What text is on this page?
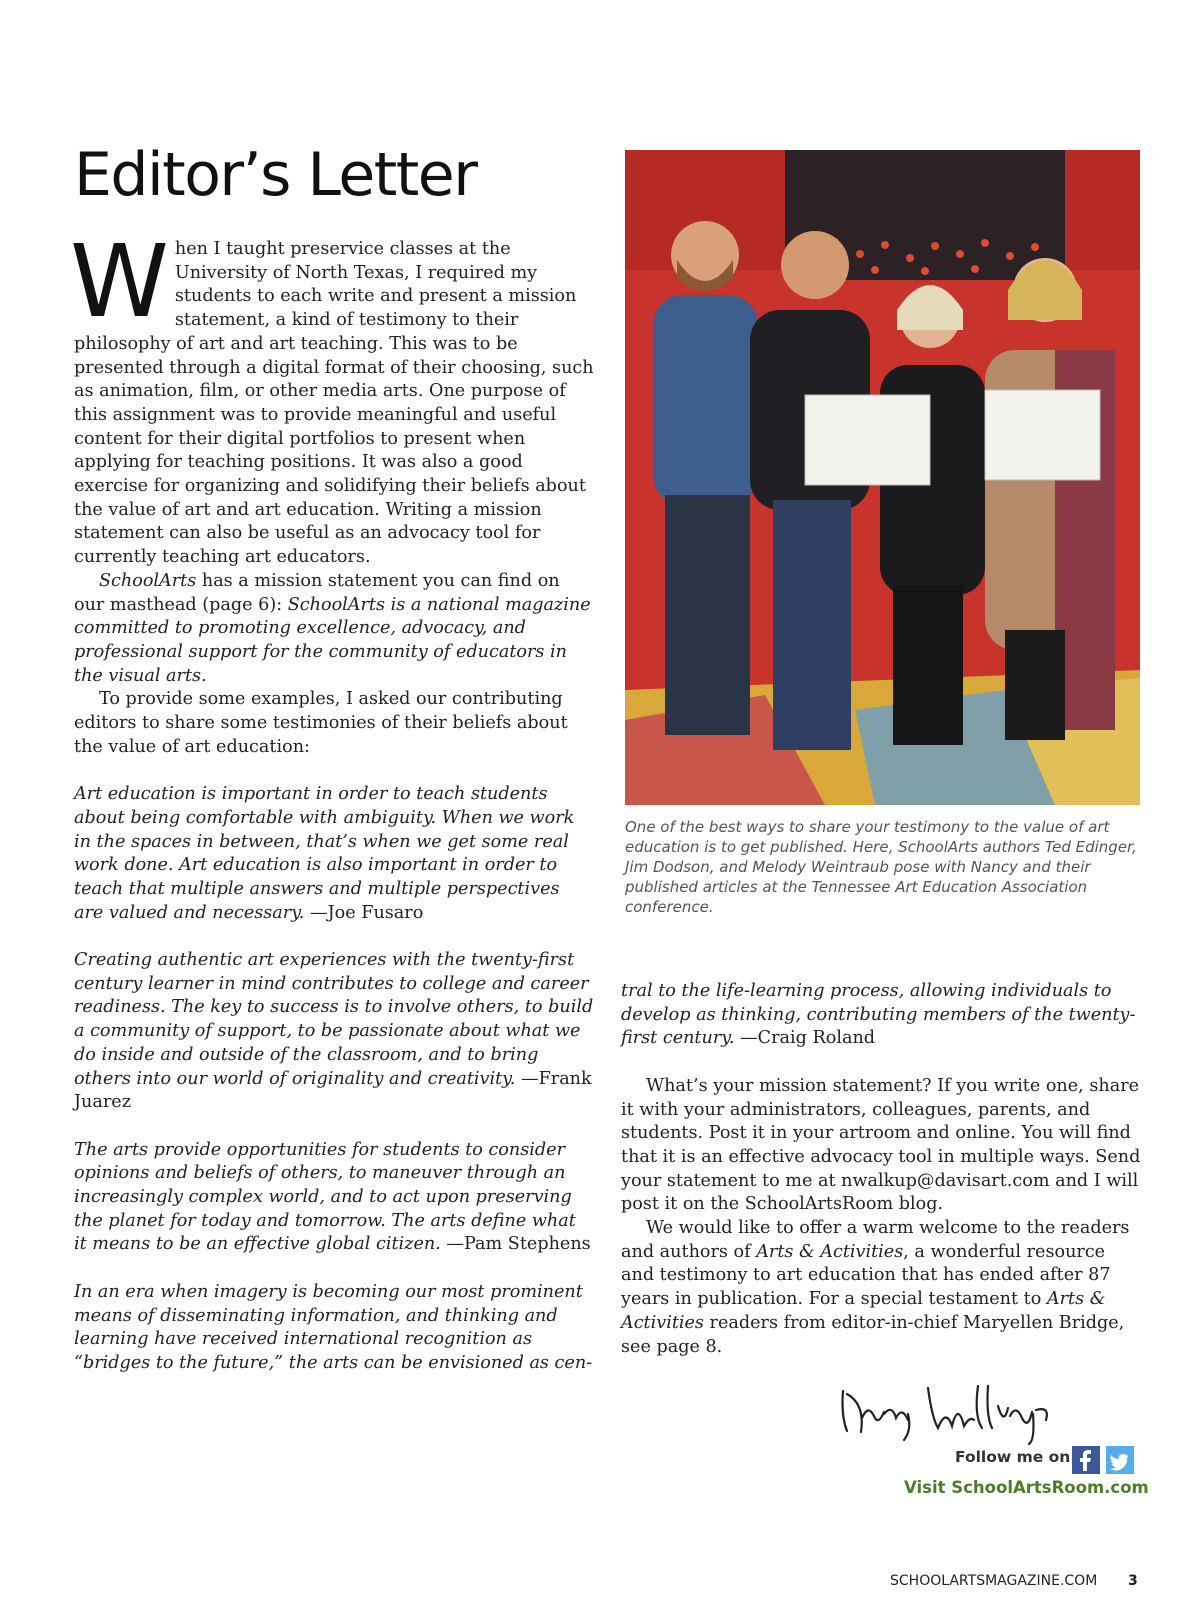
Editor’s Letter

When I taught preservice classes at the University of North Texas, I required my students to each write and present a mission statement, a kind of testimony to their philosophy of art and art teaching. This was to be presented through a digital format of their choosing, such as animation, film, or other media arts. One purpose of this assignment was to provide meaningful and useful content for their digital portfolios to present when applying for teaching positions. It was also a good exercise for organizing and solidifying their beliefs about the value of art and art education. Writing a mission statement can also be useful as an advocacy tool for currently teaching art educators.

SchoolArts has a mission statement you can find on our masthead (page 6): SchoolArts is a national magazine committed to promoting excellence, advocacy, and professional support for the community of educators in the visual arts.

To provide some examples, I asked our contributing editors to share some testimonies of their beliefs about the value of art education:

Art education is important in order to teach students about being comfortable with ambiguity. When we work in the spaces in between, that’s when we get some real work done. Art education is also important in order to teach that multiple answers and multiple perspectives are valued and necessary. —Joe Fusaro

Creating authentic art experiences with the twenty-first century learner in mind contributes to college and career readiness. The key to success is to involve others, to build a community of support, to be passionate about what we do inside and outside of the classroom, and to bring others into our world of originality and creativity. —Frank Juarez

The arts provide opportunities for students to consider opinions and beliefs of others, to maneuver through an increasingly complex world, and to act upon preserving the planet for today and tomorrow. The arts define what it means to be an effective global citizen. —Pam Stephens

In an era when imagery is becoming our most prominent means of disseminating information, and thinking and learning have received international recognition as “bridges to the future,” the arts can be envisioned as cen-

One of the best ways to share your testimony to the value of art education is to get published. Here, SchoolArts authors Ted Edinger, Jim Dodson, and Melody Weintraub pose with Nancy and their published articles at the Tennessee Art Education Association conference.

tral to the life-learning process, allowing individuals to develop as thinking, contributing members of the twenty-first century. —Craig Roland

What’s your mission statement? If you write one, share it with your administrators, colleagues, parents, and students. Post it in your artroom and online. You will find that it is an effective advocacy tool in multiple ways. Send your statement to me at nwalkup@davisart.com and I will post it on the SchoolArtsRoom blog.

We would like to offer a warm welcome to the readers and authors of Arts & Activities, a wonderful resource and testimony to art education that has ended after 87 years in publication. For a special testament to Arts & Activities readers from editor-in-chief Maryellen Bridge, see page 8.

Follow me on
Visit SchoolArtsRoom.com
SCHOOLARTSMAGAZINE.COM 3
